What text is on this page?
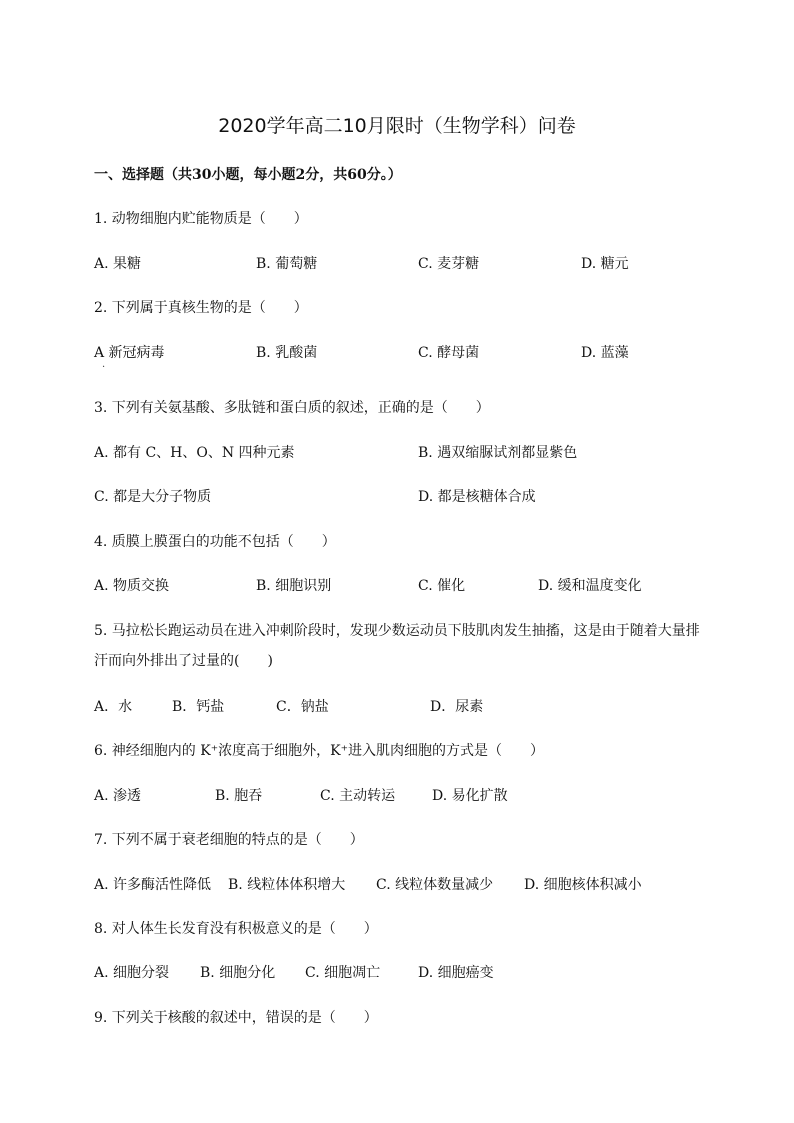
2020学年高二10月限时（生物学科）问卷
一、选择题（共30小题，每小题2分，共60分。）
1. 动物细胞内贮能物质是（　　）
A. 果糖	B. 葡萄糖	C. 麦芽糖	D. 糖元
2. 下列属于真核生物的是（　　）
A 新冠病毒
·
B. 乳酸菌	C. 酵母菌	D. 蓝藻
3. 下列有关氨基酸、多肽链和蛋白质的叙述，正确的是（　　）
A. 都有 C、H、O、N 四种元素	B. 遇双缩脲试剂都显紫色
C. 都是大分子物质	D. 都是核糖体合成
4. 质膜上膜蛋白的功能不包括（　　）
A. 物质交换	B. 细胞识别	C. 催化	D. 缓和温度变化
5. 马拉松长跑运动员在进入冲刺阶段时，发现少数运动员下肢肌肉发生抽搐，这是由于随着大量排
汗而向外排出了过量的(　　)
A．水	B．钙盐	C．钠盐	D．尿素
6. 神经细胞内的 K⁺浓度高于细胞外，K⁺进入肌肉细胞的方式是（　　）
A. 渗透	B. 胞吞	C. 主动转运	D. 易化扩散
7. 下列不属于衰老细胞的特点的是（　　）
A. 许多酶活性降低 B. 线粒体体积增大 C. 线粒体数量减少 D. 细胞核体积减小
8. 对人体生长发育没有积极意义的是（　　）
A. 细胞分裂 B. 细胞分化 C. 细胞凋亡	D. 细胞癌变
9. 下列关于核酸的叙述中，错误的是（　　）
